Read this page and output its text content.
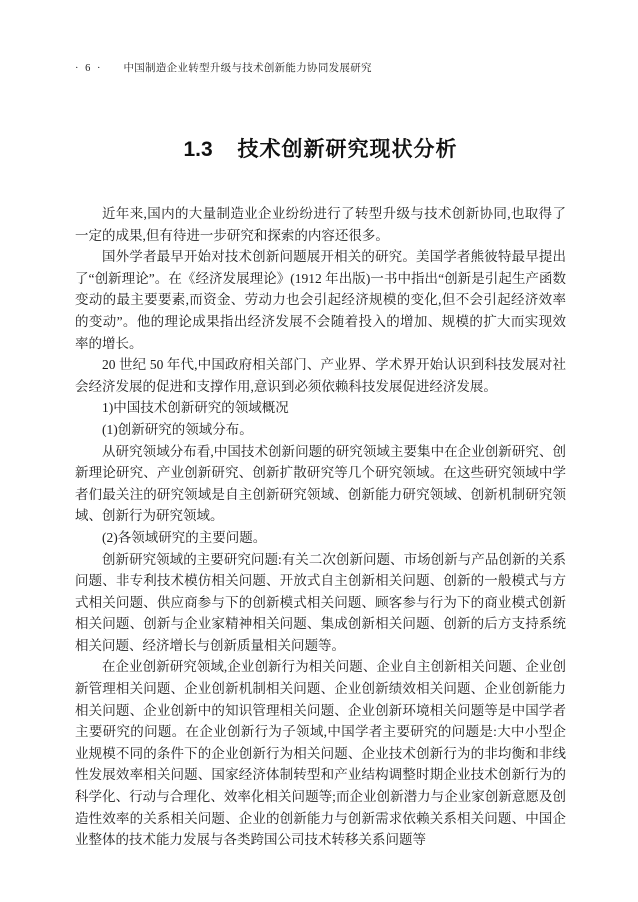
· 6 · 中国制造企业转型升级与技术创新能力协同发展研究
1.3 技术创新研究现状分析

近年来,国内的大量制造业企业纷纷进行了转型升级与技术创新协同,也取得了一定的成果,但有待进一步研究和探索的内容还很多。

国外学者最早开始对技术创新问题展开相关的研究。美国学者熊彼特最早提出了“创新理论”。在《经济发展理论》(1912 年出版)一书中指出“创新是引起生产函数变动的最主要要素,而资金、劳动力也会引起经济规模的变化,但不会引起经济效率的变动”。他的理论成果指出经济发展不会随着投入的增加、规模的扩大而实现效率的增长。

20 世纪 50 年代,中国政府相关部门、产业界、学术界开始认识到科技发展对社会经济发展的促进和支撑作用,意识到必须依赖科技发展促进经济发展。

1)中国技术创新研究的领域概况

(1)创新研究的领域分布。

从研究领域分布看,中国技术创新问题的研究领域主要集中在企业创新研究、创新理论研究、产业创新研究、创新扩散研究等几个研究领域。在这些研究领域中学者们最关注的研究领域是自主创新研究领域、创新能力研究领域、创新机制研究领域、创新行为研究领域。

(2)各领域研究的主要问题。

创新研究领域的主要研究问题:有关二次创新问题、市场创新与产品创新的关系问题、非专利技术模仿相关问题、开放式自主创新相关问题、创新的一般模式与方式相关问题、供应商参与下的创新模式相关问题、顾客参与行为下的商业模式创新相关问题、创新与企业家精神相关问题、集成创新相关问题、创新的后方支持系统相关问题、经济增长与创新质量相关问题等。

在企业创新研究领域,企业创新行为相关问题、企业自主创新相关问题、企业创新管理相关问题、企业创新机制相关问题、企业创新绩效相关问题、企业创新能力相关问题、企业创新中的知识管理相关问题、企业创新环境相关问题等是中国学者主要研究的问题。在企业创新行为子领域,中国学者主要研究的问题是:大中小型企业规模不同的条件下的企业创新行为相关问题、企业技术创新行为的非均衡和非线性发展效率相关问题、国家经济体制转型和产业结构调整时期企业技术创新行为的科学化、行动与合理化、效率化相关问题等;而企业创新潜力与企业家创新意愿及创造性效率的关系相关问题、企业的创新能力与创新需求依赖关系相关问题、中国企业整体的技术能力发展与各类跨国公司技术转移关系问题等
